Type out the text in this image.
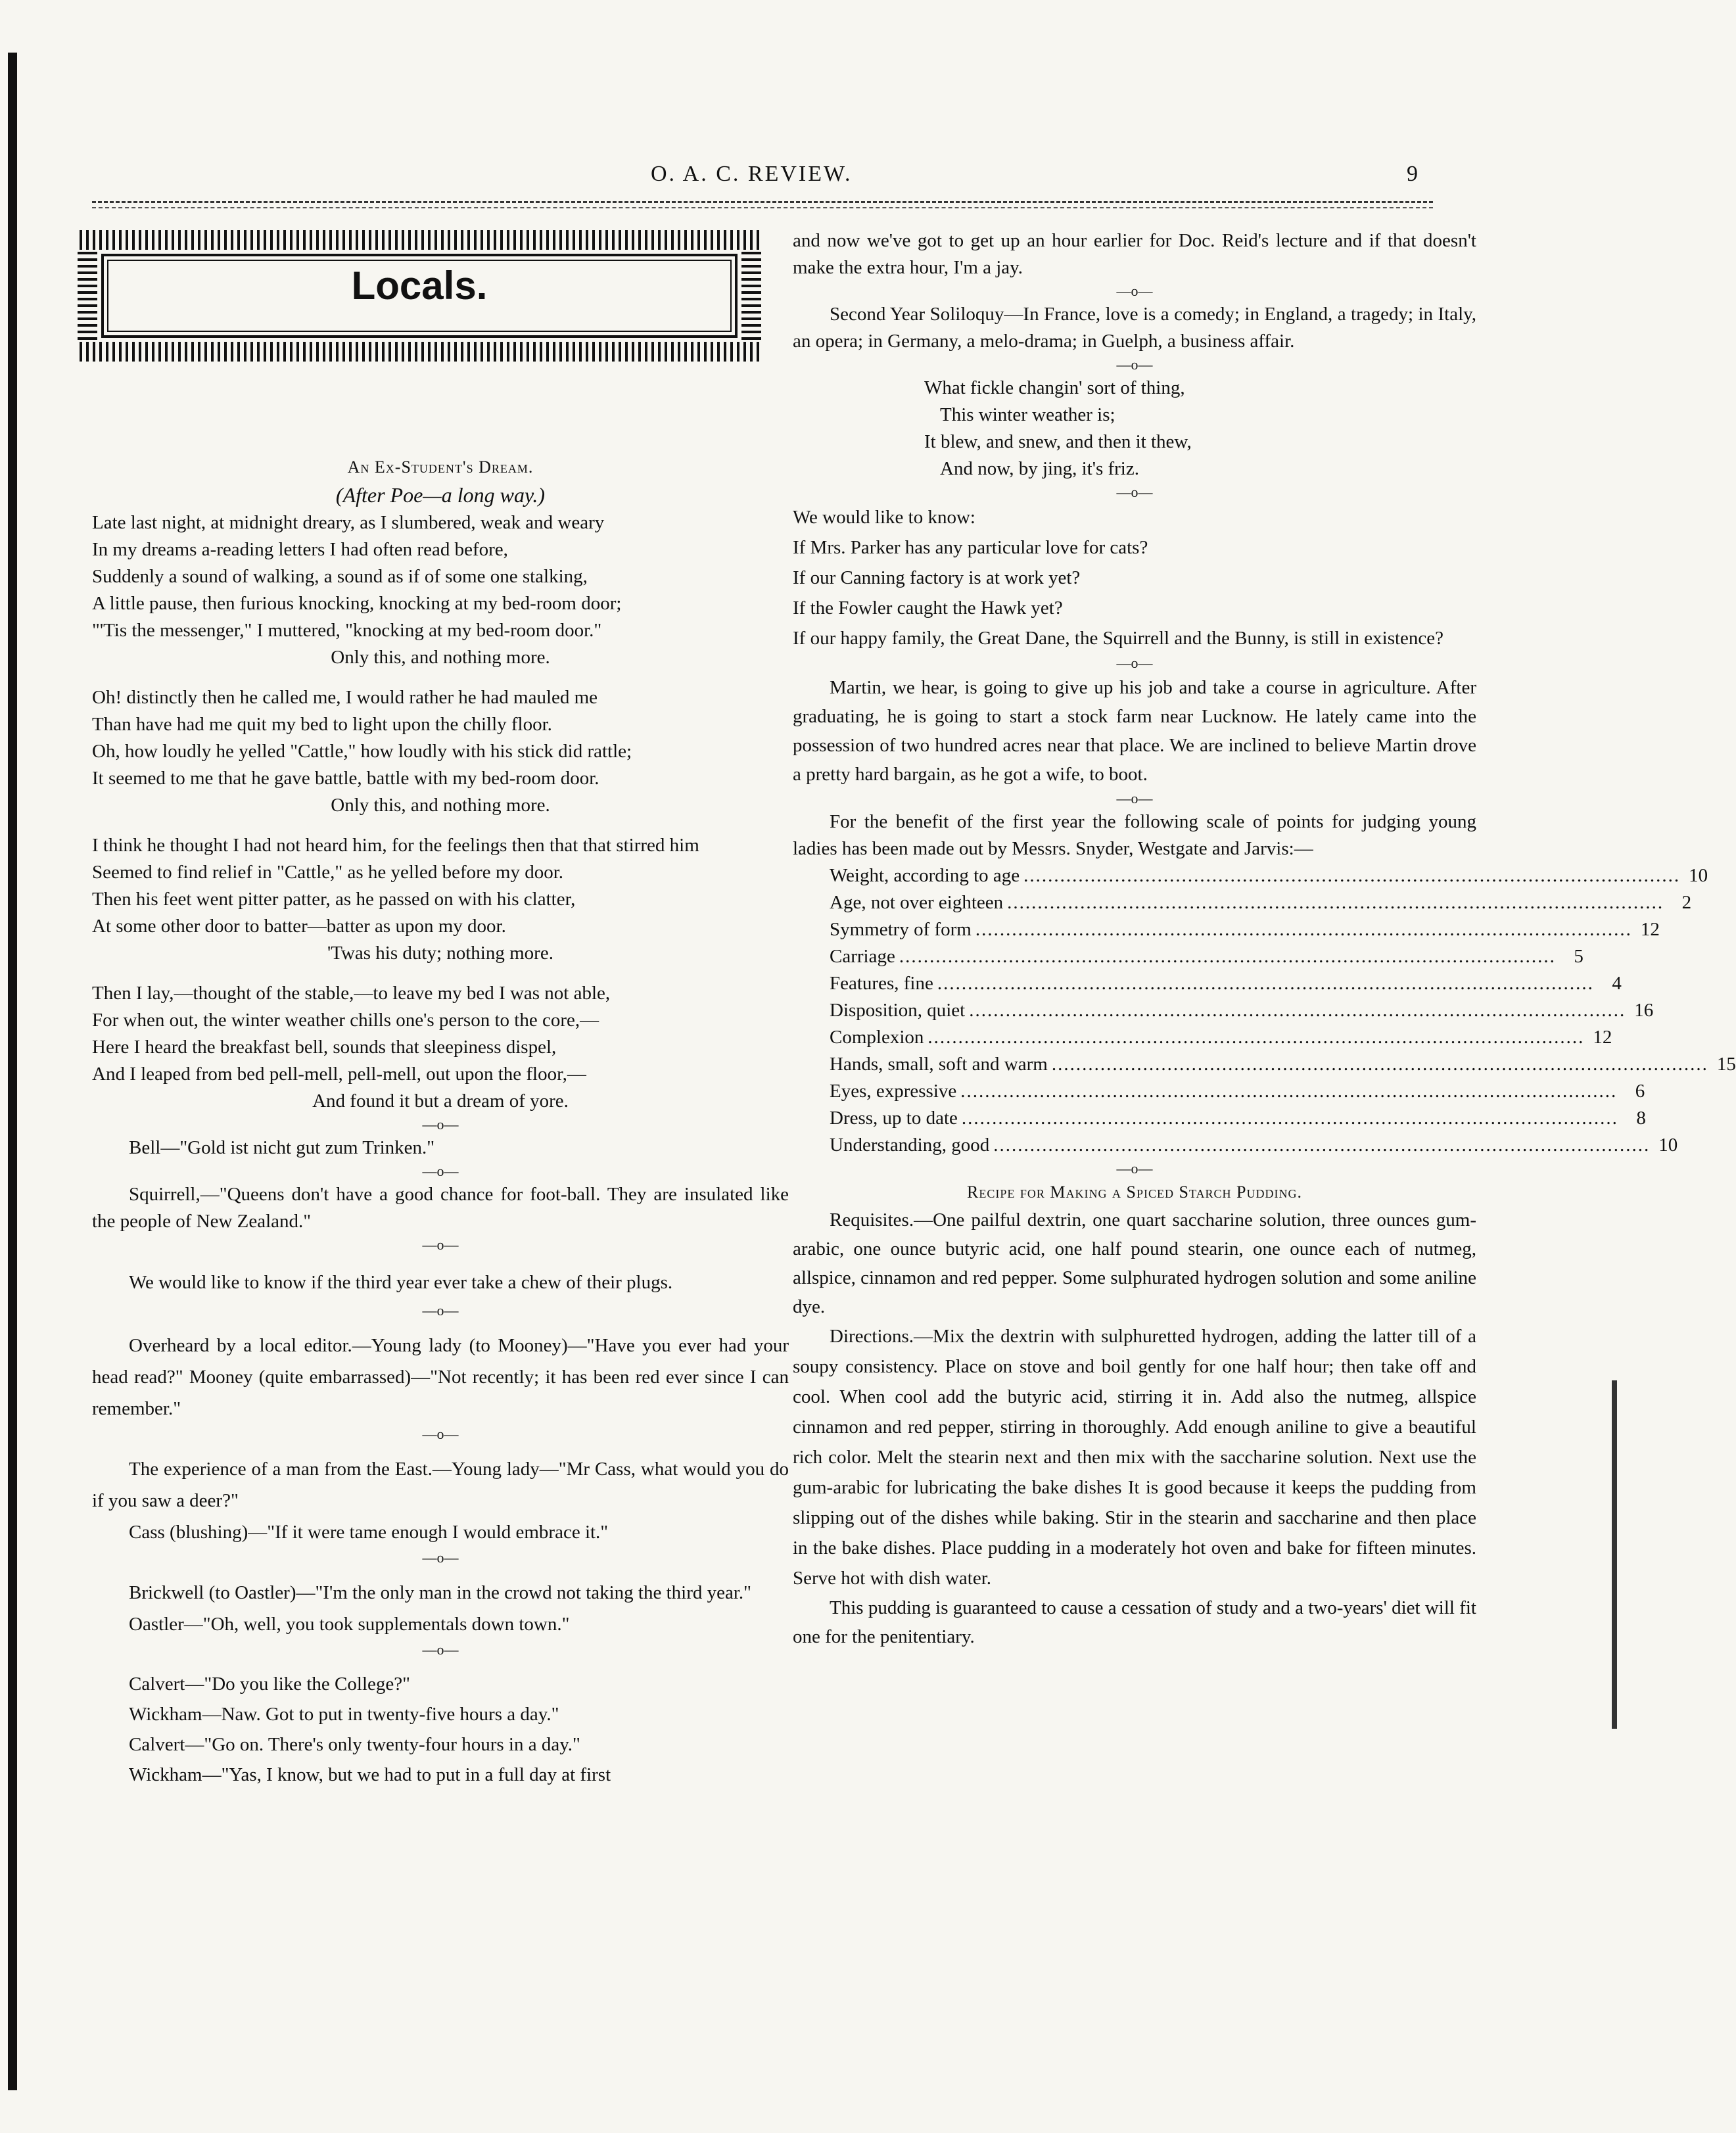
O. A. C. REVIEW.	9
Locals.

An Ex-Student's Dream.

(After Poe—a long way.)

Late last night, at midnight dreary, as I slumbered, weak and weary

In my dreams a-reading letters I had often read before,

Suddenly a sound of walking, a sound as if of some one stalking,

A little pause, then furious knocking, knocking at my bed-room door;

"'Tis the messenger," I muttered, "knocking at my bed-room door."

Only this, and nothing more.

Oh! distinctly then he called me, I would rather he had mauled me

Than have had me quit my bed to light upon the chilly floor.

Oh, how loudly he yelled "Cattle," how loudly with his stick did rattle;

It seemed to me that he gave battle, battle with my bed-room door.

Only this, and nothing more.

I think he thought I had not heard him, for the feelings then that that stirred him

Seemed to find relief in "Cattle," as he yelled before my door.

Then his feet went pitter patter, as he passed on with his clatter,

At some other door to batter—batter as upon my door.

'Twas his duty; nothing more.

Then I lay,—thought of the stable,—to leave my bed I was not able,

For when out, the winter weather chills one's person to the core,—

Here I heard the breakfast bell, sounds that sleepiness dispel,

And I leaped from bed pell-mell, pell-mell, out upon the floor,—

And found it but a dream of yore.

—o—

Bell—"Gold ist nicht gut zum Trinken."

—o—

Squirrell,—"Queens don't have a good chance for foot-ball. They are insulated like the people of New Zealand."

—o—

We would like to know if the third year ever take a chew of their plugs.

—o—

Overheard by a local editor.—Young lady (to Mooney)—"Have you ever had your head read?" Mooney (quite embarrassed)—"Not recently; it has been red ever since I can remember."

—o—

The experience of a man from the East.—Young lady—"Mr Cass, what would you do if you saw a deer?"

Cass (blushing)—"If it were tame enough I would embrace it."

—o—

Brickwell (to Oastler)—"I'm the only man in the crowd not taking the third year."

Oastler—"Oh, well, you took supplementals down town."

—o—

Calvert—"Do you like the College?"

Wickham—Naw. Got to put in twenty-five hours a day."

Calvert—"Go on. There's only twenty-four hours in a day."

Wickham—"Yas, I know, but we had to put in a full day at first

and now we've got to get up an hour earlier for Doc. Reid's lecture and if that doesn't make the extra hour, I'm a jay.

—o—

Second Year Soliloquy—In France, love is a comedy; in England, a tragedy; in Italy, an opera; in Germany, a melo-drama; in Guelph, a business affair.

—o—

What fickle changin' sort of thing,

This winter weather is;

It blew, and snew, and then it thew,

And now, by jing, it's friz.

—o—

We would like to know:

If Mrs. Parker has any particular love for cats?

If our Canning factory is at work yet?

If the Fowler caught the Hawk yet?

If our happy family, the Great Dane, the Squirrell and the Bunny, is still in existence?

—o—

Martin, we hear, is going to give up his job and take a course in agriculture. After graduating, he is going to start a stock farm near Lucknow. He lately came into the possession of two hundred acres near that place. We are inclined to believe Martin drove a pretty hard bargain, as he got a wife, to boot.

—o—

For the benefit of the first year the following scale of points for judging young ladies has been made out by Messrs. Snyder, Westgate and Jarvis:—

Weight, according to age ............................................................................................................ 10
Age, not over eighteen ............................................................................................................ 2
Symmetry of form ............................................................................................................ 12
Carriage ............................................................................................................ 5
Features, fine ............................................................................................................ 4
Disposition, quiet ............................................................................................................ 16
Complexion ............................................................................................................ 12
Hands, small, soft and warm ............................................................................................................ 15
Eyes, expressive ............................................................................................................ 6
Dress, up to date ............................................................................................................ 8
Understanding, good ............................................................................................................ 10

—o—

Recipe for Making a Spiced Starch Pudding.

Requisites.—One pailful dextrin, one quart saccharine solution, three ounces gum-arabic, one ounce butyric acid, one half pound stearin, one ounce each of nutmeg, allspice, cinnamon and red pepper. Some sulphurated hydrogen solution and some aniline dye.

Directions.—Mix the dextrin with sulphuretted hydrogen, adding the latter till of a soupy consistency. Place on stove and boil gently for one half hour; then take off and cool. When cool add the butyric acid, stirring it in. Add also the nutmeg, allspice cinnamon and red pepper, stirring in thoroughly. Add enough aniline to give a beautiful rich color. Melt the stearin next and then mix with the saccharine solution. Next use the gum-arabic for lubricating the bake dishes It is good because it keeps the pudding from slipping out of the dishes while baking. Stir in the stearin and saccharine and then place in the bake dishes. Place pudding in a moderately hot oven and bake for fifteen minutes. Serve hot with dish water.

This pudding is guaranteed to cause a cessation of study and a two-years' diet will fit one for the penitentiary.
